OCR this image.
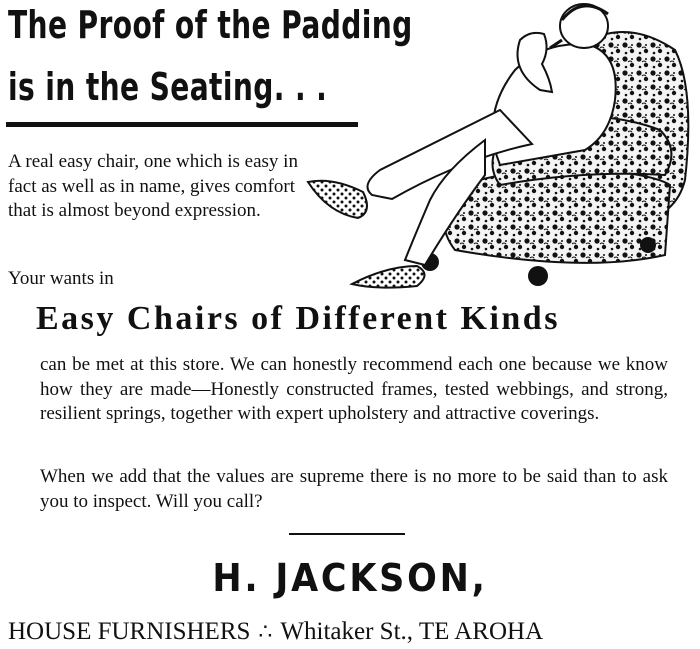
The Proof of the Padding
is in the Seating. . .

A real easy chair, one which is easy in fact as well as in name, gives comfort that is almost beyond expression.

Your wants in
Easy Chairs of Different Kinds

can be met at this store. We can honestly recommend each one because we know how they are made—Honestly constructed frames, tested webbings, and strong, resilient springs, together with expert upholstery and attractive coverings.

When we add that the values are supreme there is no more to be said than to ask you to inspect. Will you call?

H. JACKSON,
HOUSE FURNISHERS ∴ Whitaker St., TE AROHA
